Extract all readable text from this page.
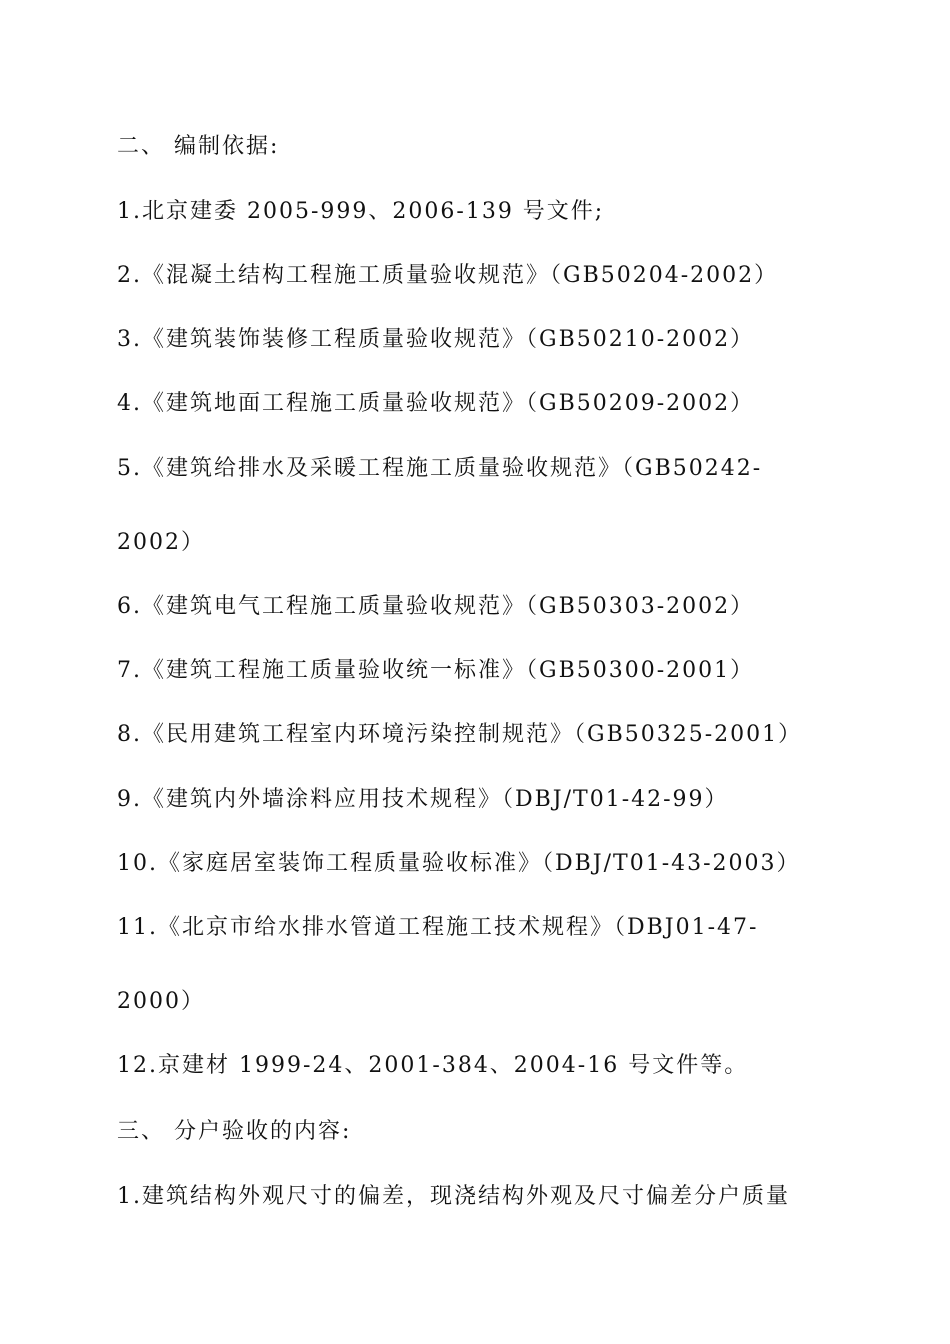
二、 编制依据:
1.北京建委 2005-999、2006-139 号文件;
2.《混凝土结构工程施工质量验收规范》（GB50204-2002）
3.《建筑装饰装修工程质量验收规范》（GB50210-2002）
4.《建筑地面工程施工质量验收规范》（GB50209-2002）
5.《建筑给排水及采暖工程施工质量验收规范》（GB50242-
2002）
6.《建筑电气工程施工质量验收规范》（GB50303-2002）
7.《建筑工程施工质量验收统一标准》（GB50300-2001）
8.《民用建筑工程室内环境污染控制规范》（GB50325-2001）
9.《建筑内外墙涂料应用技术规程》（DBJ/T01-42-99）
10.《家庭居室装饰工程质量验收标准》（DBJ/T01-43-2003）
11.《北京市给水排水管道工程施工技术规程》（DBJ01-47-
2000）
12.京建材 1999-24、2001-384、2004-16 号文件等。
三、 分户验收的内容:
1.建筑结构外观尺寸的偏差，现浇结构外观及尺寸偏差分户质量
